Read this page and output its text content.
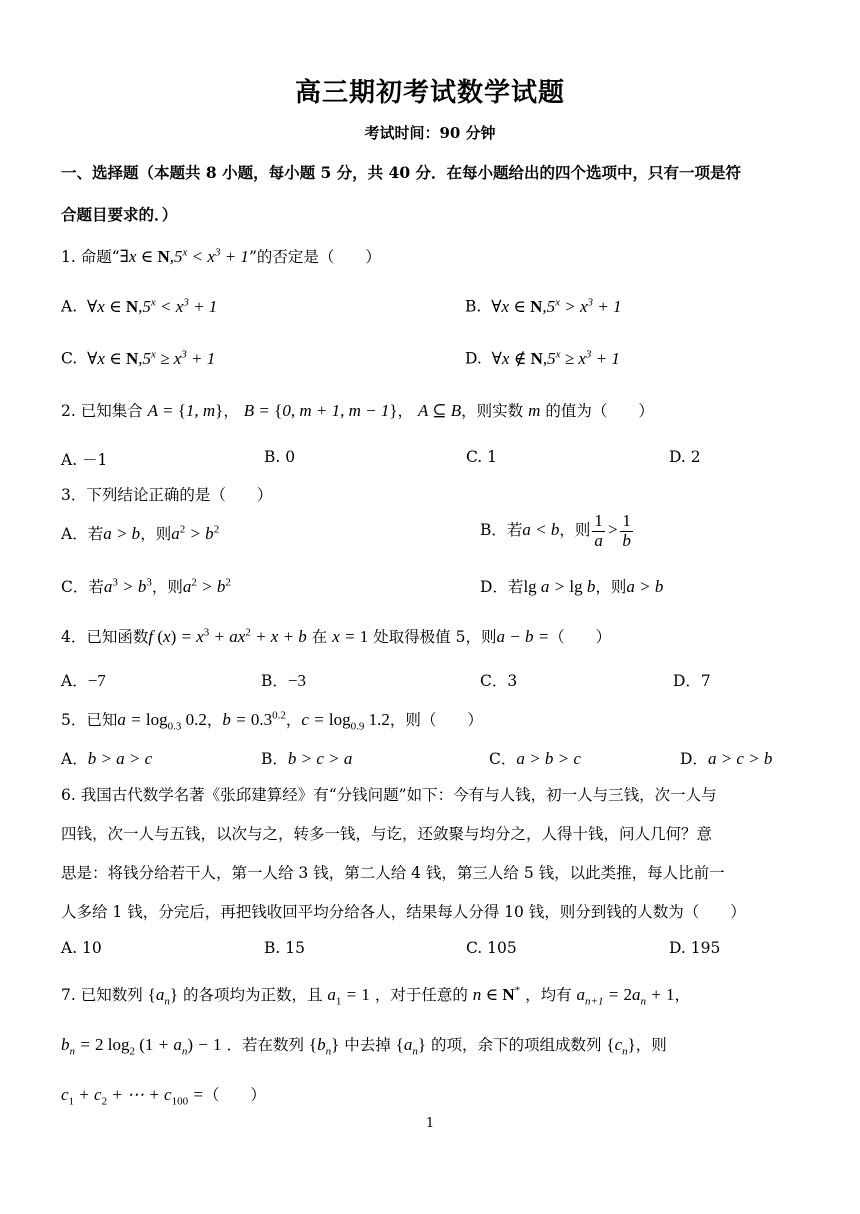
高三期初考试数学试题
考试时间：90 分钟
一、选择题（本题共 8 小题，每小题 5 分，共 40 分．在每小题给出的四个选项中，只有一项是符
合题目要求的．）
1. 命题“∃x ∈ $N,5^x < x^3 + 1$”的否定是（　　）
A. ∀x ∈ $N,5^x < x^3 + 1$	B. ∀x ∈ $N,5^x > x^3 + 1$
C. ∀x ∈ $N,5^x \ge x^3 + 1$	D. ∀x ∉ $N,5^x \ge x^3 + 1$
2. 已知集合 A = {1, m}， B = {0, m + 1, m − 1}， A ⊆ B，则实数 m 的值为（　　）
A. －1	B. 0	C. 1	D. 2
3．下列结论正确的是（　　）
A．若a > b，则$a^2 > b^2$	B．若a < b，则 $\frac{1}{a} > \frac{1}{b}$
C．若$a^3 > b^3$，则$a^2 > b^2$	D．若lg a > lg b，则a > b
4．已知函数f $(x) = x^3 + ax^2 + x + b$ 在 x = 1 处取得极值 5，则a − b =（　　）
A．−7	B．−3	C．3	D．7
5．已知$a = \log_{0.3} 0.2$，$b = 0.3^{0.2}$，$c = \log_{0.9} 1.2$，则（　　）
A．b > a > c	B．b > c > a	C．a > b > c	D．a > c > b
6. 我国古代数学名著《张邱建算经》有“分钱问题”如下：今有与人钱，初一人与三钱，次一人与
四钱，次一人与五钱，以次与之，转多一钱，与讫，还敛聚与均分之，人得十钱，问人几何？意
思是：将钱分给若干人，第一人给 3 钱，第二人给 4 钱，第三人给 5 钱，以此类推，每人比前一
人多给 1 钱，分完后，再把钱收回平均分给各人，结果每人分得 10 钱，则分到钱的人数为（　　）
A. 10	B. 15	C. 105	D. 195
7. 已知数列 $\{a_n\}$ 的各项均为正数，且 $a_1 = 1$ ，对于任意的 n ∈ N* ，均有 $a_{n+1} = 2a_n + 1$，
$b_n = 2$ $\log_2 (1 + a_n) - 1$ ．若在数列 $\{b_n\}$ 中去掉 $\{a_n\}$ 的项，余下的项组成数列 $\{c_n\}$，则
$c_1 + c_2$ + ⋯ + $c_{100}$ =（　　）
1
